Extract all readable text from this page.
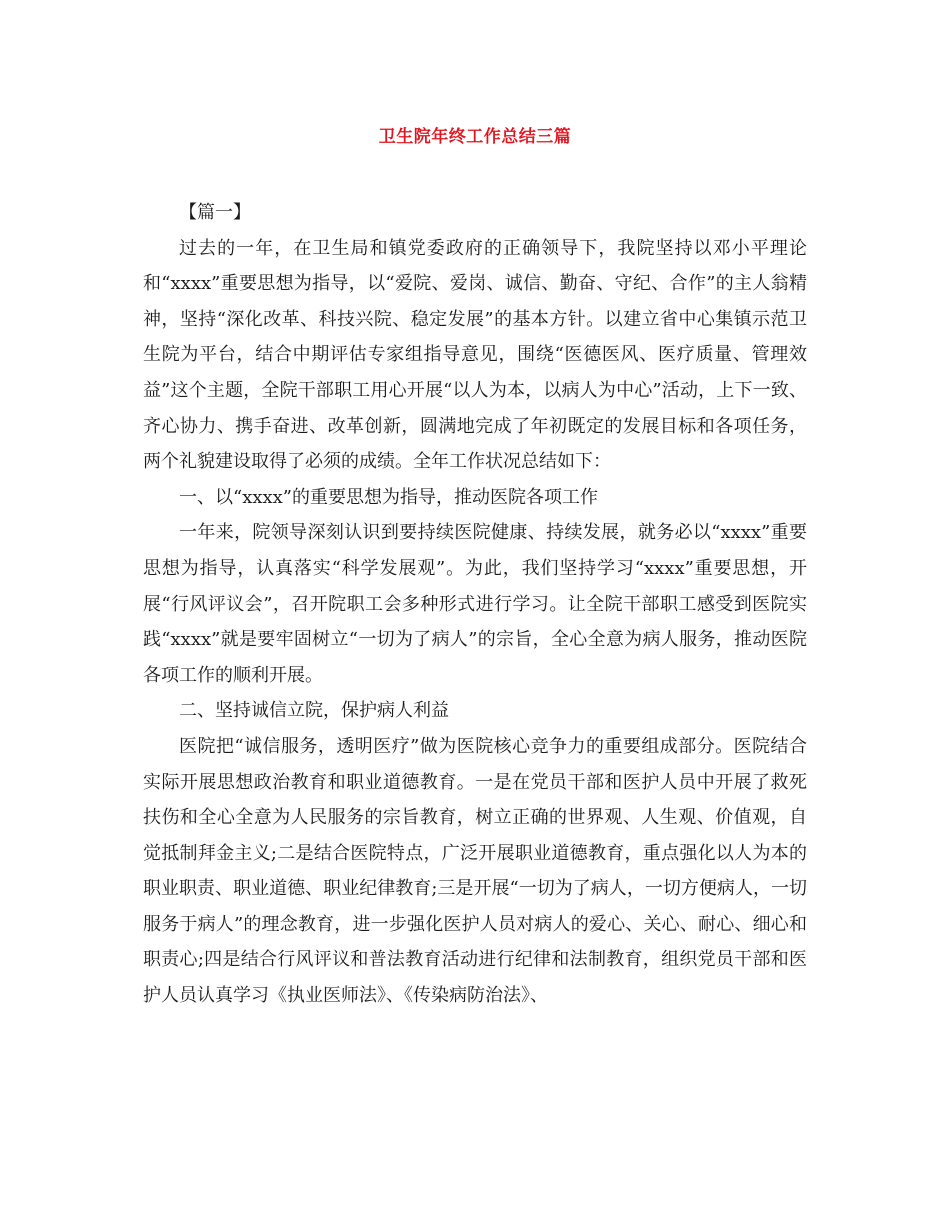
卫生院年终工作总结三篇

【篇一】

过去的一年，在卫生局和镇党委政府的正确领导下，我院坚持以邓小平理论和“xxxx”重要思想为指导，以“爱院、爱岗、诚信、勤奋、守纪、合作”的主人翁精神，坚持“深化改革、科技兴院、稳定发展”的基本方针。以建立省中心集镇示范卫生院为平台，结合中期评估专家组指导意见，围绕“医德医风、医疗质量、管理效益”这个主题，全院干部职工用心开展“以人为本，以病人为中心”活动，上下一致、齐心协力、携手奋进、改革创新，圆满地完成了年初既定的发展目标和各项任务，两个礼貌建设取得了必须的成绩。全年工作状况总结如下：

一、以“xxxx”的重要思想为指导，推动医院各项工作

一年来，院领导深刻认识到要持续医院健康、持续发展，就务必以“xxxx”重要思想为指导，认真落实“科学发展观”。为此，我们坚持学习“xxxx”重要思想，开展“行风评议会”，召开院职工会多种形式进行学习。让全院干部职工感受到医院实践“xxxx”就是要牢固树立“一切为了病人”的宗旨，全心全意为病人服务，推动医院各项工作的顺利开展。

二、坚持诚信立院，保护病人利益

医院把“诚信服务，透明医疗”做为医院核心竞争力的重要组成部分。医院结合实际开展思想政治教育和职业道德教育。一是在党员干部和医护人员中开展了救死扶伤和全心全意为人民服务的宗旨教育，树立正确的世界观、人生观、价值观，自觉抵制拜金主义;二是结合医院特点，广泛开展职业道德教育，重点强化以人为本的职业职责、职业道德、职业纪律教育;三是开展“一切为了病人，一切方便病人，一切服务于病人”的理念教育，进一步强化医护人员对病人的爱心、关心、耐心、细心和职责心;四是结合行风评议和普法教育活动进行纪律和法制教育，组织党员干部和医护人员认真学习《执业医师法》、《传染病防治法》、
